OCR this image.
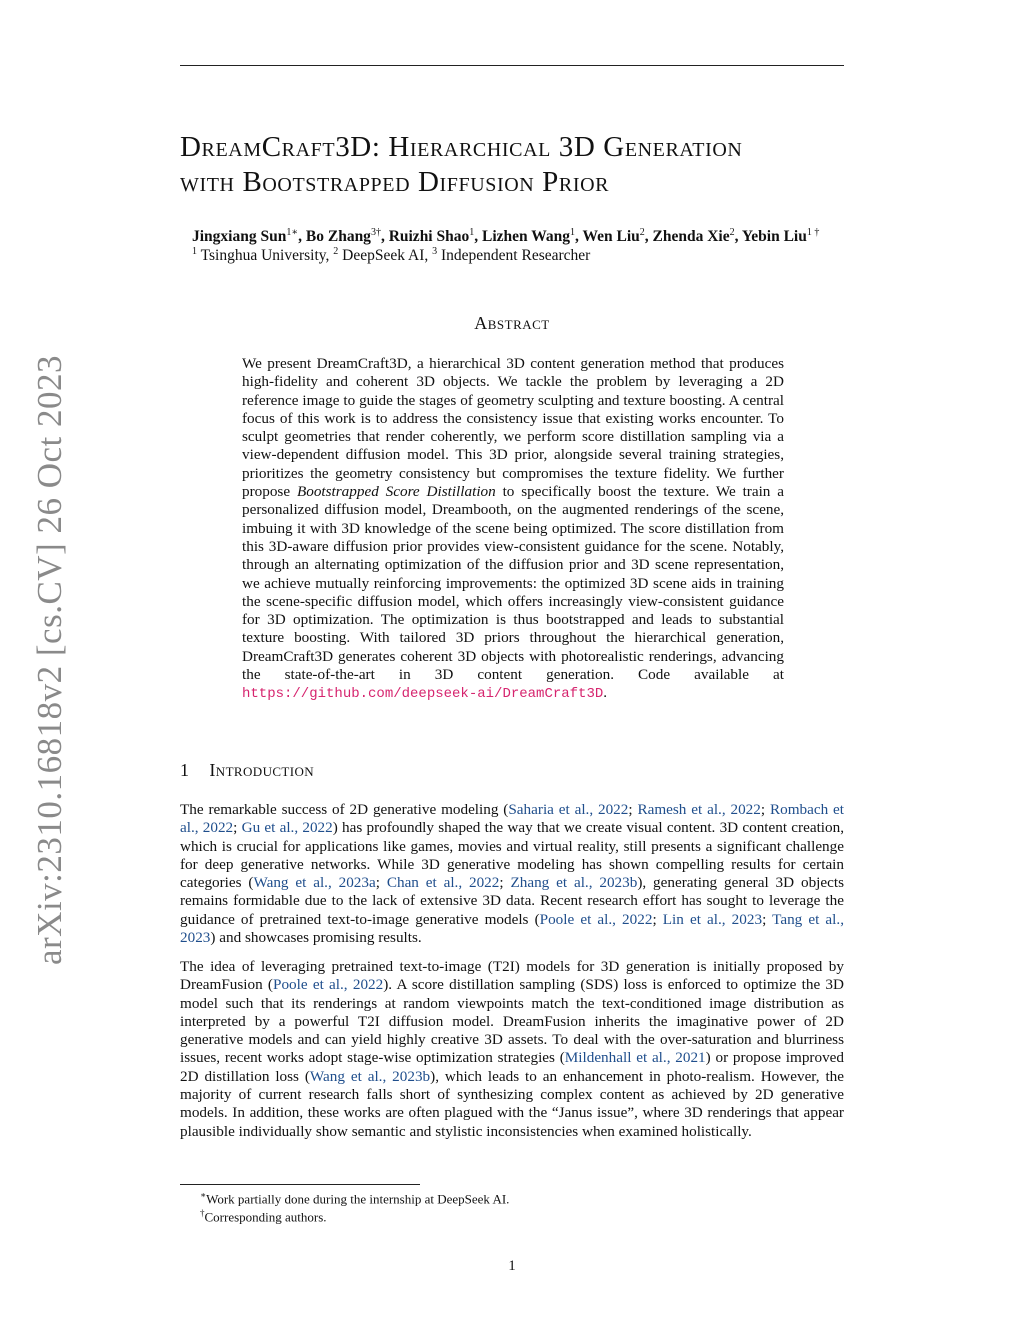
arXiv:2310.16818v2 [cs.CV] 26 Oct 2023
DreamCraft3D: Hierarchical 3D Generation
with Bootstrapped Diffusion Prior
Jingxiang Sun$^{1∗}$, Bo Zhang$^{3\dagger}$, Ruizhi Shao$^1$, Lizhen Wang$^1$, Wen Liu$^2$, Zhenda Xie$^2$, Yebin Liu$^{1 \dagger}$
$^1$ Tsinghua University, $^2$ DeepSeek AI, $^3$ Independent Researcher
Abstract
We present DreamCraft3D, a hierarchical 3D content generation method that produces high-fidelity and coherent 3D objects. We tackle the problem by leveraging a 2D reference image to guide the stages of geometry sculpting and texture boosting. A central focus of this work is to address the consistency issue that existing works encounter. To sculpt geometries that render coherently, we perform score distillation sampling via a view-dependent diffusion model. This 3D prior, alongside several training strategies, prioritizes the geometry consistency but compromises the texture fidelity. We further propose Bootstrapped Score Distillation to specifically boost the texture. We train a personalized diffusion model, Dreambooth, on the augmented renderings of the scene, imbuing it with 3D knowledge of the scene being optimized. The score distillation from this 3D-aware diffusion prior provides view-consistent guidance for the scene. Notably, through an alternating optimization of the diffusion prior and 3D scene representation, we achieve mutually reinforcing improvements: the optimized 3D scene aids in training the scene-specific diffusion model, which offers increasingly view-consistent guidance for 3D optimization. The optimization is thus bootstrapped and leads to substantial texture boosting. With tailored 3D priors throughout the hierarchical generation, DreamCraft3D generates coherent 3D objects with photorealistic renderings, advancing the state-of-the-art in 3D content generation. Code available at https://github.com/deepseek-ai/DreamCraft3D.
1 Introduction
The remarkable success of 2D generative modeling (Saharia et al., 2022; Ramesh et al., 2022; Rombach et al., 2022; Gu et al., 2022) has profoundly shaped the way that we create visual content. 3D content creation, which is crucial for applications like games, movies and virtual reality, still presents a significant challenge for deep generative networks. While 3D generative modeling has shown compelling results for certain categories (Wang et al., 2023a; Chan et al., 2022; Zhang et al., 2023b), generating general 3D objects remains formidable due to the lack of extensive 3D data. Recent research effort has sought to leverage the guidance of pretrained text-to-image generative models (Poole et al., 2022; Lin et al., 2023; Tang et al., 2023) and showcases promising results.
The idea of leveraging pretrained text-to-image (T2I) models for 3D generation is initially proposed by DreamFusion (Poole et al., 2022). A score distillation sampling (SDS) loss is enforced to optimize the 3D model such that its renderings at random viewpoints match the text-conditioned image distribution as interpreted by a powerful T2I diffusion model. DreamFusion inherits the imaginative power of 2D generative models and can yield highly creative 3D assets. To deal with the over-saturation and blurriness issues, recent works adopt stage-wise optimization strategies (Mildenhall et al., 2021) or propose improved 2D distillation loss (Wang et al., 2023b), which leads to an enhancement in photo-realism. However, the majority of current research falls short of synthesizing complex content as achieved by 2D generative models. In addition, these works are often plagued with the “Janus issue”, where 3D renderings that appear plausible individually show semantic and stylistic inconsistencies when examined holistically.
∗Work partially done during the internship at DeepSeek AI.
†Corresponding authors.
1
